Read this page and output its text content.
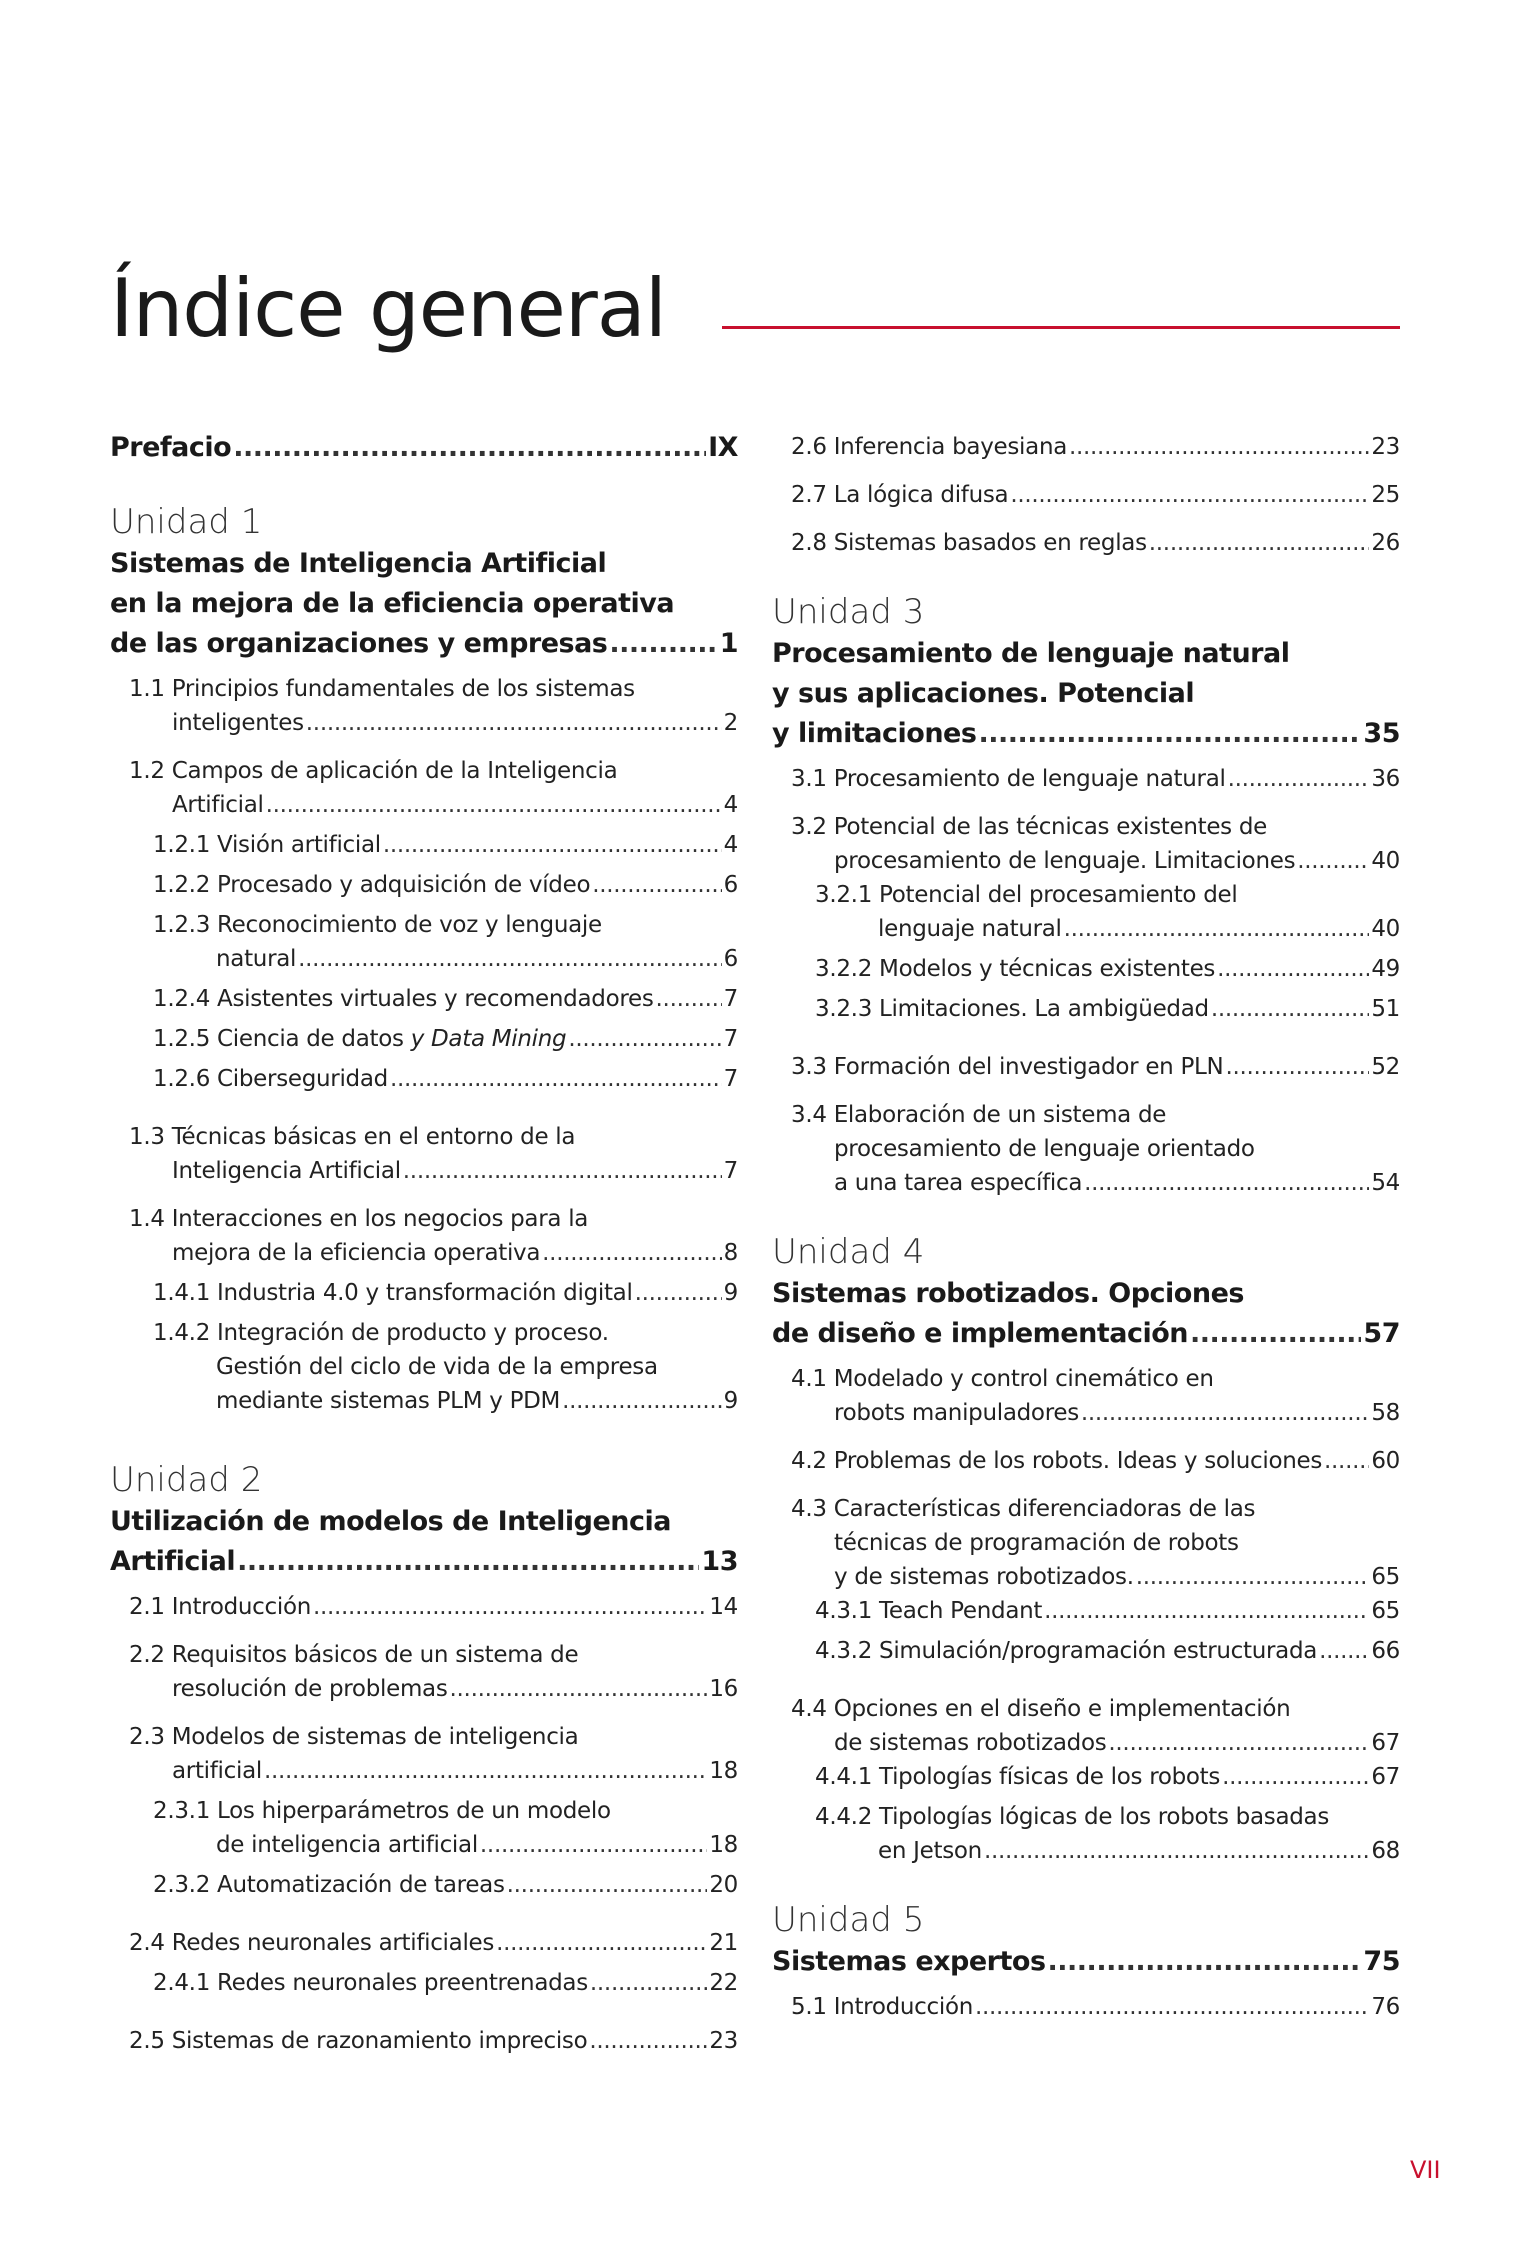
Índice general
Prefacio .....	IX
Unidad 1
Sistemas de Inteligencia Artificial
en la mejora de la eficiencia operativa
de las organizaciones y empresas .....	1
1.1 Principios fundamentales de los sistemas
inteligentes .....	2
1.2 Campos de aplicación de la Inteligencia
Artificial .....	4
1.2.1 Visión artificial .....	4
1.2.2 Procesado y adquisición de vídeo .....	6
1.2.3 Reconocimiento de voz y lenguaje
natural .....	6
1.2.4 Asistentes virtuales y recomendadores .....	7
1.2.5 Ciencia de datos y Data Mining .....	7
1.2.6 Ciberseguridad .....	7
1.3 Técnicas básicas en el entorno de la
Inteligencia Artificial .....	7
1.4 Interacciones en los negocios para la
mejora de la eficiencia operativa .....	8
1.4.1 Industria 4.0 y transformación digital .....	9
1.4.2 Integración de producto y proceso.
Gestión del ciclo de vida de la empresa
mediante sistemas PLM y PDM .....	9
Unidad 2
Utilización de modelos de Inteligencia
Artificial .....	13
2.1 Introducción .....	14
2.2 Requisitos básicos de un sistema de
resolución de problemas .....	16
2.3 Modelos de sistemas de inteligencia
artificial .....	18
2.3.1 Los hiperparámetros de un modelo
de inteligencia artificial .....	18
2.3.2 Automatización de tareas .....	20
2.4 Redes neuronales artificiales .....	21
2.4.1 Redes neuronales preentrenadas .....	22
2.5 Sistemas de razonamiento impreciso .....	23
2.6 Inferencia bayesiana .....	23
2.7 La lógica difusa .....	25
2.8 Sistemas basados en reglas .....	26
Unidad 3
Procesamiento de lenguaje natural
y sus aplicaciones. Potencial
y limitaciones .....	35
3.1 Procesamiento de lenguaje natural .....	36
3.2 Potencial de las técnicas existentes de
procesamiento de lenguaje. Limitaciones .....	40
3.2.1 Potencial del procesamiento del
lenguaje natural .....	40
3.2.2 Modelos y técnicas existentes .....	49
3.2.3 Limitaciones. La ambigüedad .....	51
3.3 Formación del investigador en PLN .....	52
3.4 Elaboración de un sistema de
procesamiento de lenguaje orientado
a una tarea específica .....	54
Unidad 4
Sistemas robotizados. Opciones
de diseño e implementación .....	57
4.1 Modelado y control cinemático en
robots manipuladores .....	58
4.2 Problemas de los robots. Ideas y soluciones ..... 60
4.3 Características diferenciadoras de las
técnicas de programación de robots
y de sistemas robotizados. .....	65
4.3.1 Teach Pendant .....	65
4.3.2 Simulación/programación estructurada ..... 66
4.4 Opciones en el diseño e implementación
de sistemas robotizados .....	67
4.4.1 Tipologías físicas de los robots .....	67
4.4.2 Tipologías lógicas de los robots basadas
en Jetson .....	68
Unidad 5
Sistemas expertos .....	75
5.1 Introducción .....	76
VII
